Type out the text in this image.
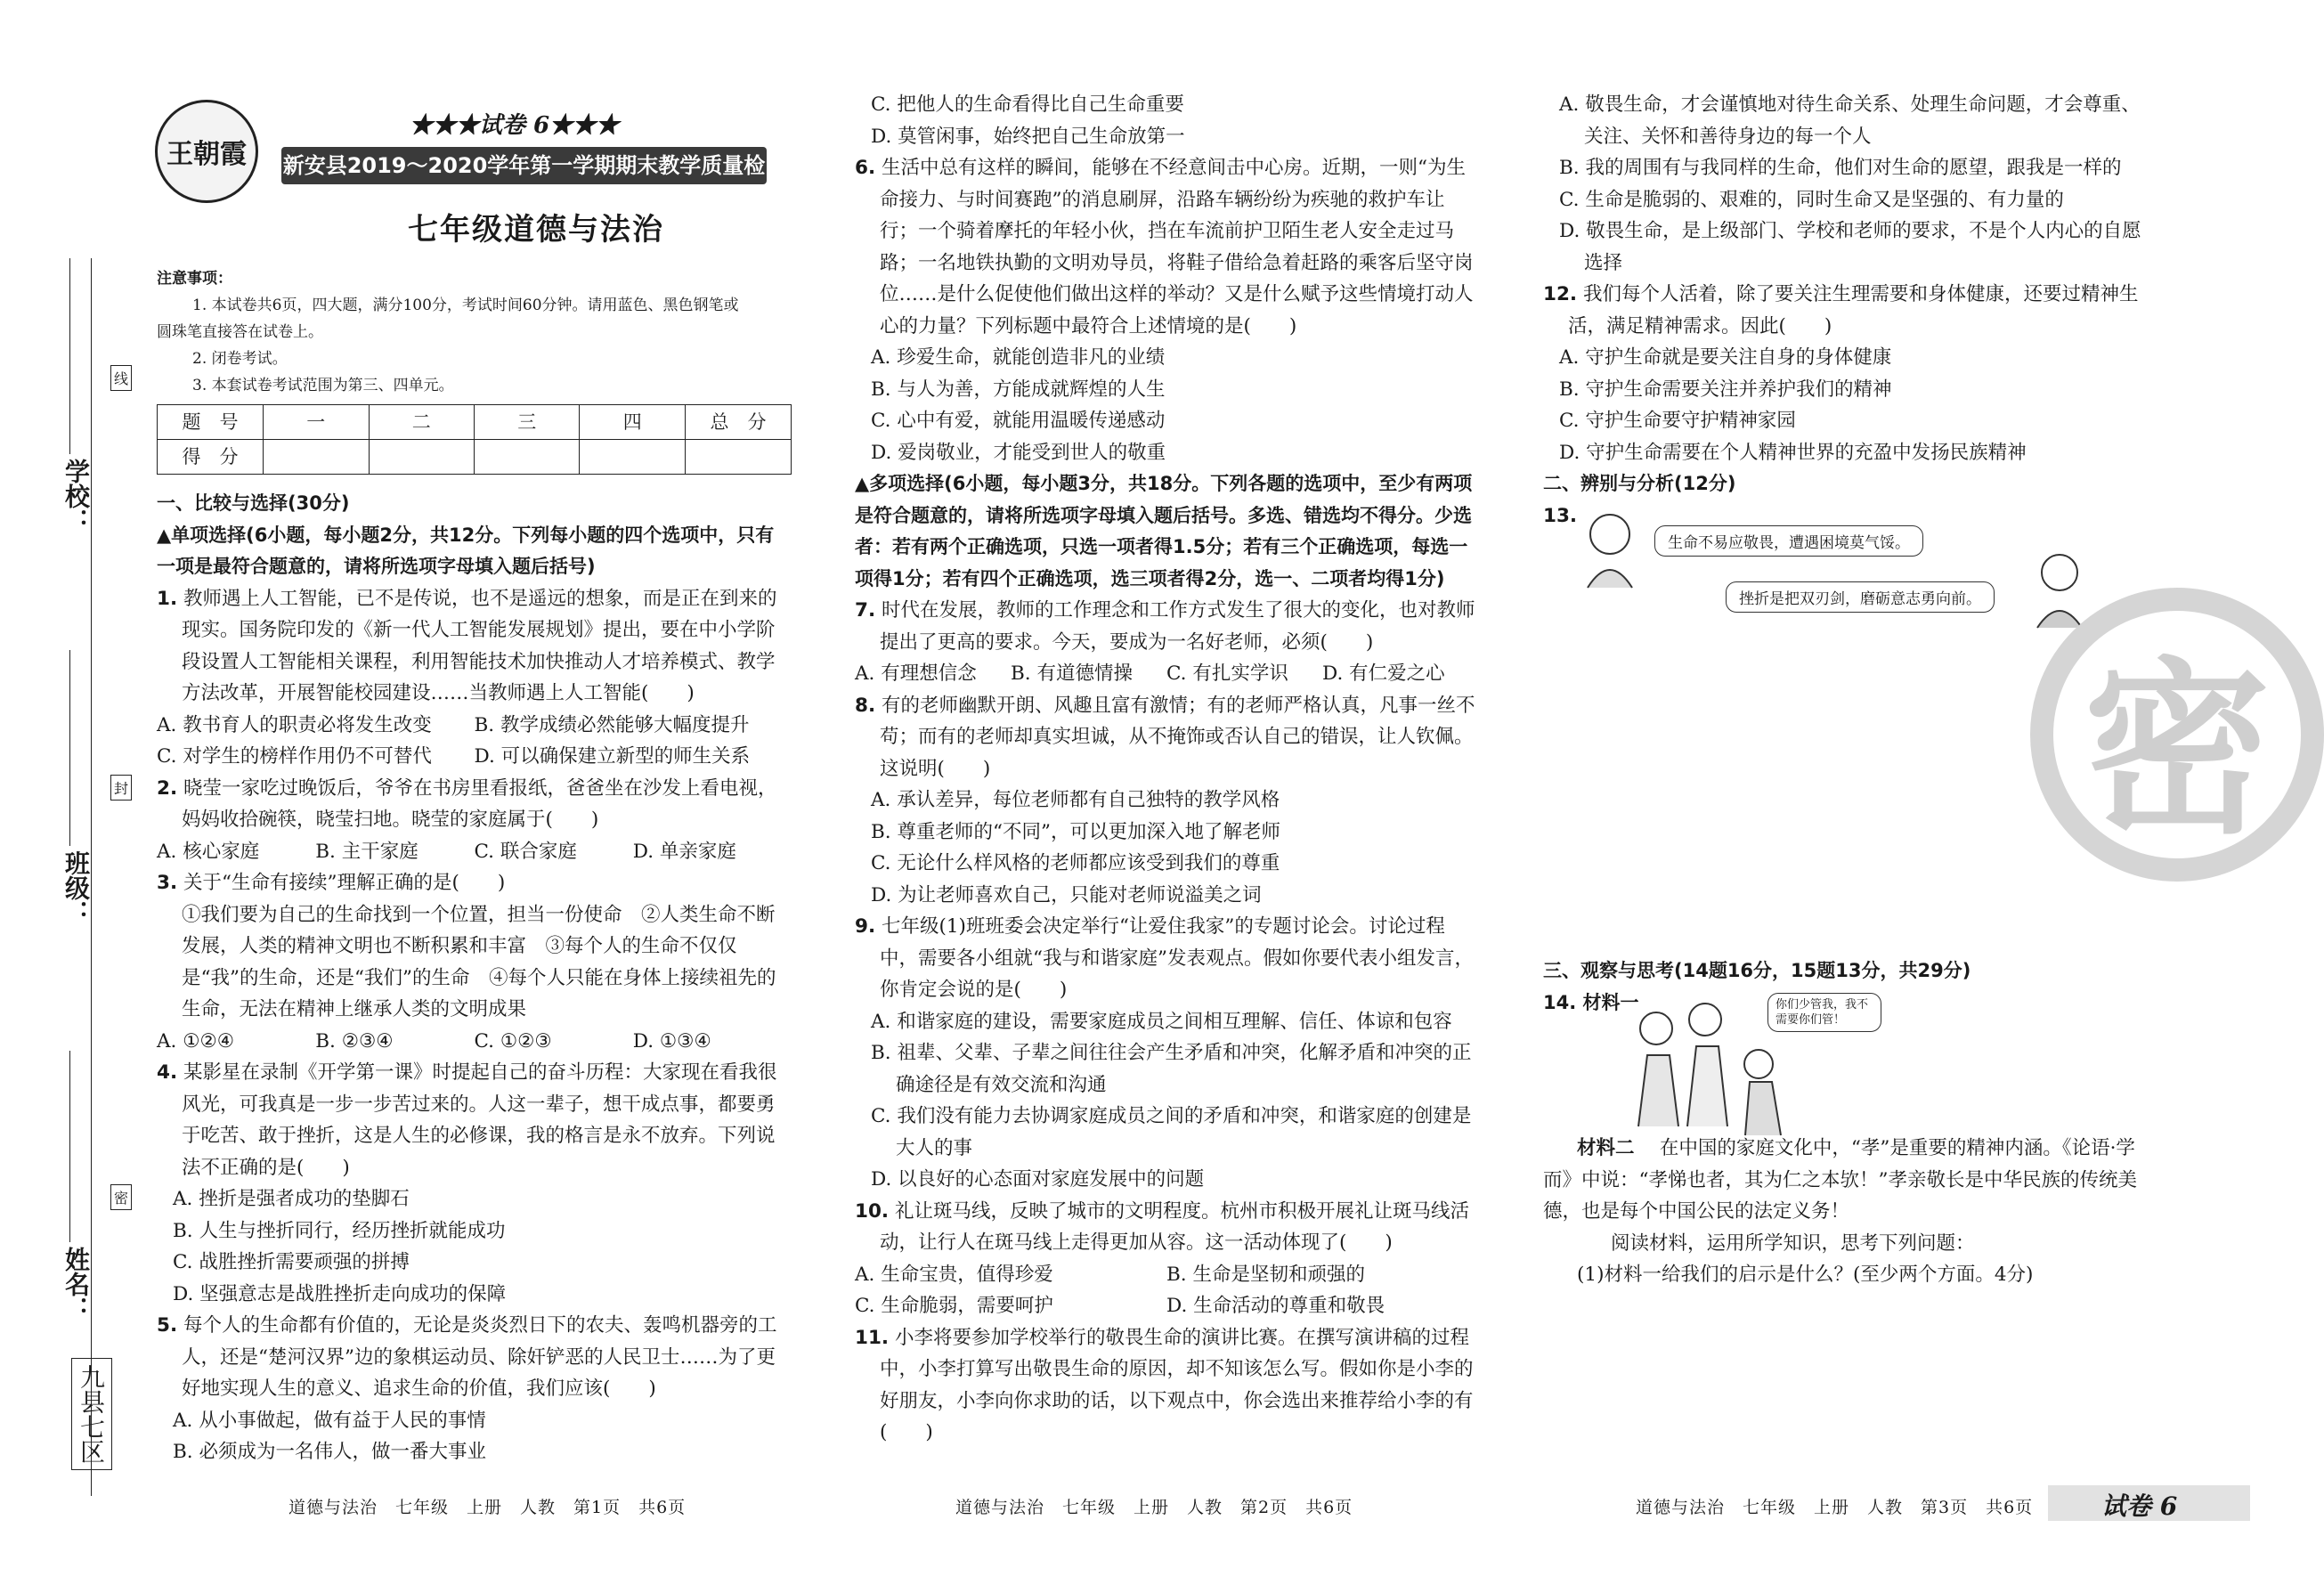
王朝霞
★★★试卷 6★★★
新安县2019～2020学年第一学期期末教学质量检测试卷
七年级道德与法治
注意事项：
1. 本试卷共6页，四大题，满分100分，考试时间60分钟。请用蓝色、黑色钢笔或
圆珠笔直接答在试卷上。
2. 闭卷考试。
3. 本套试卷考试范围为第三、四单元。
题　号	一	二	三	四	总　分
得　分					

一、比较与选择(30分)

▲单项选择(6小题，每小题2分，共12分。下列每小题的四个选项中，只有一项是最符合题意的，请将所选项字母填入题后括号)

1. 教师遇上人工智能，已不是传说，也不是遥远的想象，而是正在到来的现实。国务院印发的《新一代人工智能发展规划》提出，要在中小学阶段设置人工智能相关课程，利用智能技术加快推动人才培养模式、教学方法改革，开展智能校园建设……当教师遇上人工智能(　　)

A. 教书育人的职责必将发生改变	B. 教学成绩必然能够大幅度提升
C. 对学生的榜样作用仍不可替代	D. 可以确保建立新型的师生关系

2. 晓莹一家吃过晚饭后，爷爷在书房里看报纸，爸爸坐在沙发上看电视，妈妈收拾碗筷，晓莹扫地。晓莹的家庭属于(　　)

A. 核心家庭	B. 主干家庭	C. 联合家庭	D. 单亲家庭

3. 关于“生命有接续”理解正确的是(　　)

①我们要为自己的生命找到一个位置，担当一份使命　②人类生命不断发展，人类的精神文明也不断积累和丰富　③每个人的生命不仅仅是“我”的生命，还是“我们”的生命　④每个人只能在身体上接续祖先的生命，无法在精神上继承人类的文明成果

A. ①②④	B. ②③④	C. ①②③	D. ①③④

4. 某影星在录制《开学第一课》时提起自己的奋斗历程：大家现在看我很风光，可我真是一步一步苦过来的。人这一辈子，想干成点事，都要勇于吃苦、敢于挫折，这是人生的必修课，我的格言是永不放弃。下列说法不正确的是(　　)

A. 挫折是强者成功的垫脚石

B. 人生与挫折同行，经历挫折就能成功

C. 战胜挫折需要顽强的拼搏

D. 坚强意志是战胜挫折走向成功的保障

5. 每个人的生命都有价值的，无论是炎炎烈日下的农夫、轰鸣机器旁的工人，还是“楚河汉界”边的象棋运动员、除奸铲恶的人民卫士……为了更好地实现人生的意义、追求生命的价值，我们应该(　　)

A. 从小事做起，做有益于人民的事情

B. 必须成为一名伟人，做一番大事业

C. 把他人的生命看得比自己生命重要

D. 莫管闲事，始终把自己生命放第一

6. 生活中总有这样的瞬间，能够在不经意间击中心房。近期，一则“为生命接力、与时间赛跑”的消息刷屏，沿路车辆纷纷为疾驰的救护车让行；一个骑着摩托的年轻小伙，挡在车流前护卫陌生老人安全走过马路；一名地铁执勤的文明劝导员，将鞋子借给急着赶路的乘客后坚守岗位……是什么促使他们做出这样的举动？又是什么赋予这些情境打动人心的力量？下列标题中最符合上述情境的是(　　)

A. 珍爱生命，就能创造非凡的业绩

B. 与人为善，方能成就辉煌的人生

C. 心中有爱，就能用温暖传递感动

D. 爱岗敬业，才能受到世人的敬重

▲多项选择(6小题，每小题3分，共18分。下列各题的选项中，至少有两项是符合题意的，请将所选项字母填入题后括号。多选、错选均不得分。少选者：若有两个正确选项，只选一项者得1.5分；若有三个正确选项，每选一项得1分；若有四个正确选项，选三项者得2分，选一、二项者均得1分)

7. 时代在发展，教师的工作理念和工作方式发生了很大的变化，也对教师提出了更高的要求。今天，要成为一名好老师，必须(　　)

A. 有理想信念	B. 有道德情操	C. 有扎实学识	D. 有仁爱之心

8. 有的老师幽默开朗、风趣且富有激情；有的老师严格认真，凡事一丝不苟；而有的老师却真实坦诚，从不掩饰或否认自己的错误，让人钦佩。这说明(　　)

A. 承认差异，每位老师都有自己独特的教学风格

B. 尊重老师的“不同”，可以更加深入地了解老师

C. 无论什么样风格的老师都应该受到我们的尊重

D. 为让老师喜欢自己，只能对老师说溢美之词

9. 七年级(1)班班委会决定举行“让爱住我家”的专题讨论会。讨论过程中，需要各小组就“我与和谐家庭”发表观点。假如你要代表小组发言，你肯定会说的是(　　)

A. 和谐家庭的建设，需要家庭成员之间相互理解、信任、体谅和包容

B. 祖辈、父辈、子辈之间往往会产生矛盾和冲突，化解矛盾和冲突的正确途径是有效交流和沟通

C. 我们没有能力去协调家庭成员之间的矛盾和冲突，和谐家庭的创建是大人的事

D. 以良好的心态面对家庭发展中的问题

10. 礼让斑马线，反映了城市的文明程度。杭州市积极开展礼让斑马线活动，让行人在斑马线上走得更加从容。这一活动体现了(　　)

A. 生命宝贵，值得珍爱	B. 生命是坚韧和顽强的
C. 生命脆弱，需要呵护	D. 生命活动的尊重和敬畏

11. 小李将要参加学校举行的敬畏生命的演讲比赛。在撰写演讲稿的过程中，小李打算写出敬畏生命的原因，却不知该怎么写。假如你是小李的好朋友，小李向你求助的话，以下观点中，你会选出来推荐给小李的有(　　)

A. 敬畏生命，才会谨慎地对待生命关系、处理生命问题，才会尊重、关注、关怀和善待身边的每一个人

B. 我的周围有与我同样的生命，他们对生命的愿望，跟我是一样的

C. 生命是脆弱的、艰难的，同时生命又是坚强的、有力量的

D. 敬畏生命，是上级部门、学校和老师的要求，不是个人内心的自愿选择

12. 我们每个人活着，除了要关注生理需要和身体健康，还要过精神生活，满足精神需求。因此(　　)

A. 守护生命就是要关注自身的身体健康

B. 守护生命需要关注并养护我们的精神

C. 守护生命要守护精神家园

D. 守护生命需要在个人精神世界的充盈中发扬民族精神

二、辨别与分析(12分)

13.

生命不易应敬畏，遭遇困境莫气馁。
挫折是把双刃剑，磨砺意志勇向前。
密

三、观察与思考(14题16分，15题13分，共29分)

14. 材料一	你们少管我，我不需要你们管！

材料二　 在中国的家庭文化中，“孝”是重要的精神内涵。《论语·学而》中说：“孝悌也者，其为仁之本欤！”孝亲敬长是中华民族的传统美德，也是每个中国公民的法定义务！

阅读材料，运用所学知识，思考下列问题：

(1)材料一给我们的启示是什么？(至少两个方面。4分)

学校：
班级：
姓名：
线
封
密
九县七区
道德与法治　七年级　上册　人教　第1页　共6页	道德与法治　七年级　上册　人教　第2页　共6页	道德与法治　七年级　上册　人教　第3页　共6页	试卷 6
